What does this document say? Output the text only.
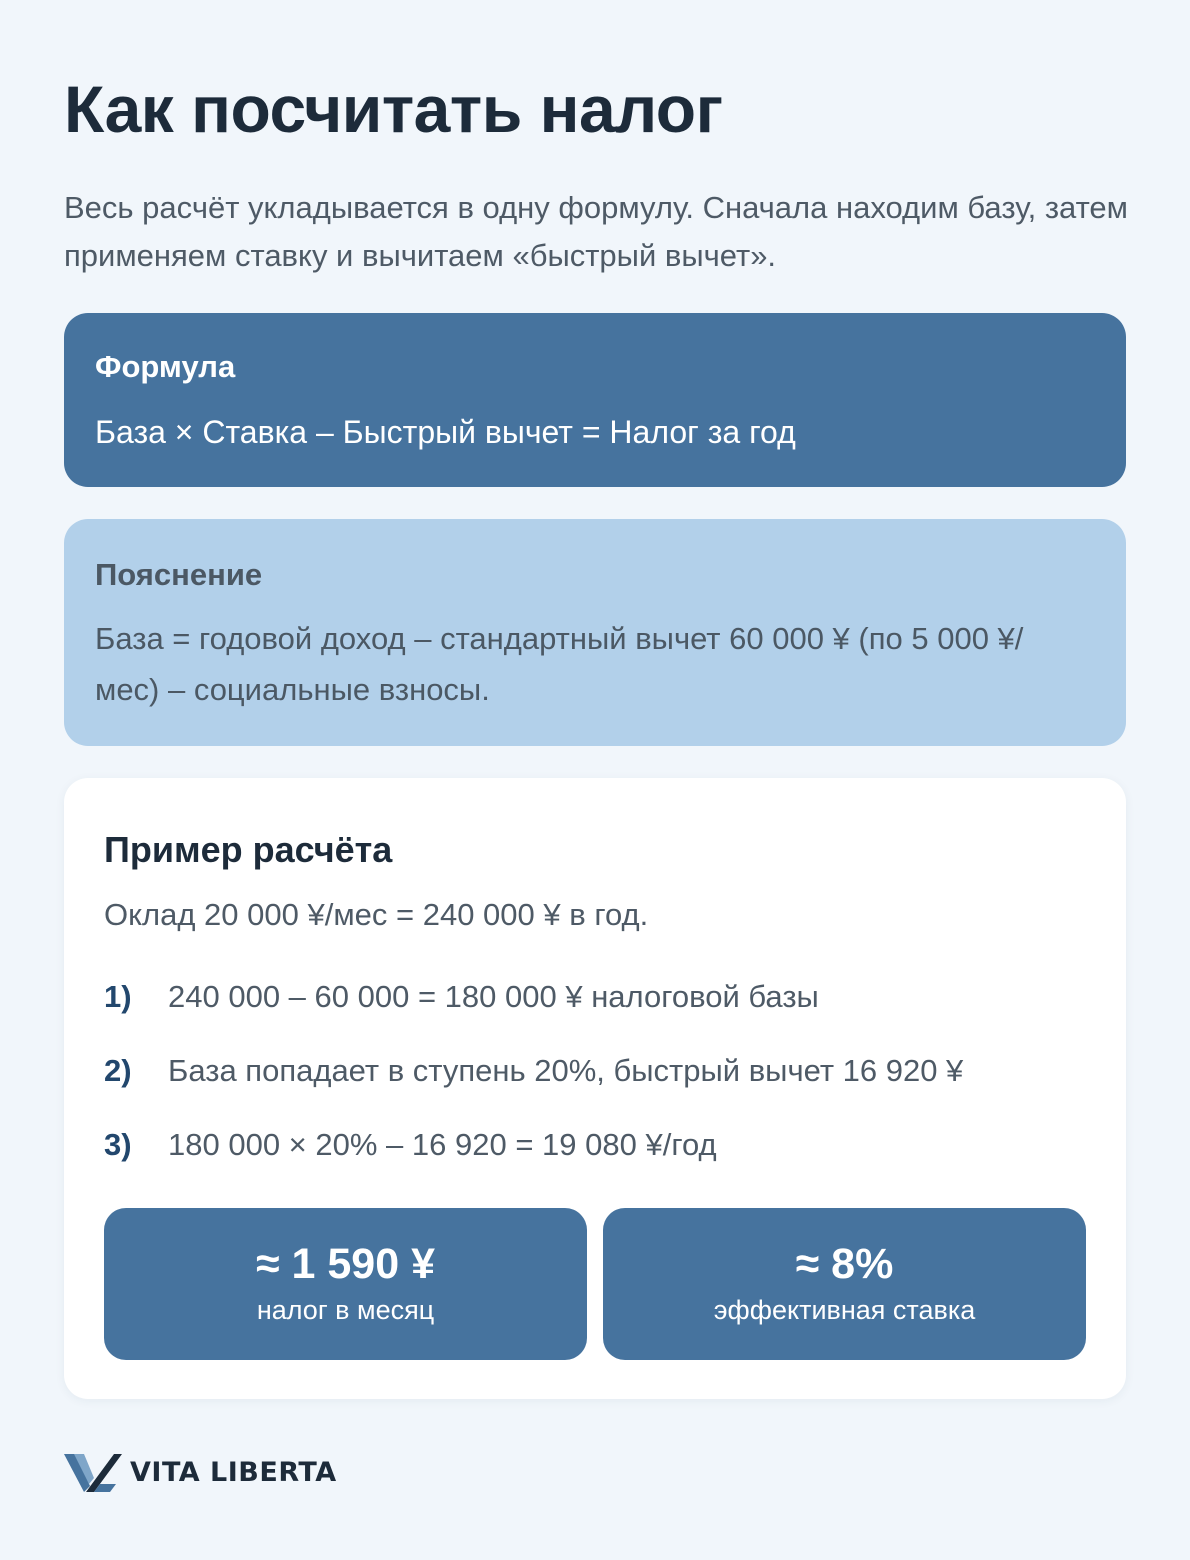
Как посчитать налог

Весь расчёт укладывается в одну формулу. Сначала находим базу, затем применяем ставку и вычитаем «быстрый вычет».

Формула
База × Ставка – Быстрый вычет = Налог за год
Пояснение
База = годовой доход – стандартный вычет 60 000 ¥ (по 5 000 ¥/мес) – социальные взносы.
Пример расчёта
Оклад 20 000 ¥/мес = 240 000 ¥ в год.
1)	240 000 – 60 000 = 180 000 ¥ налоговой базы
2)	База попадает в ступень 20%, быстрый вычет 16 920 ¥
3)	180 000 × 20% – 16 920 = 19 080 ¥/год
≈ 1 590 ¥
налог в месяц
≈ 8%
эффективная ставка
VITA LIBERTA
